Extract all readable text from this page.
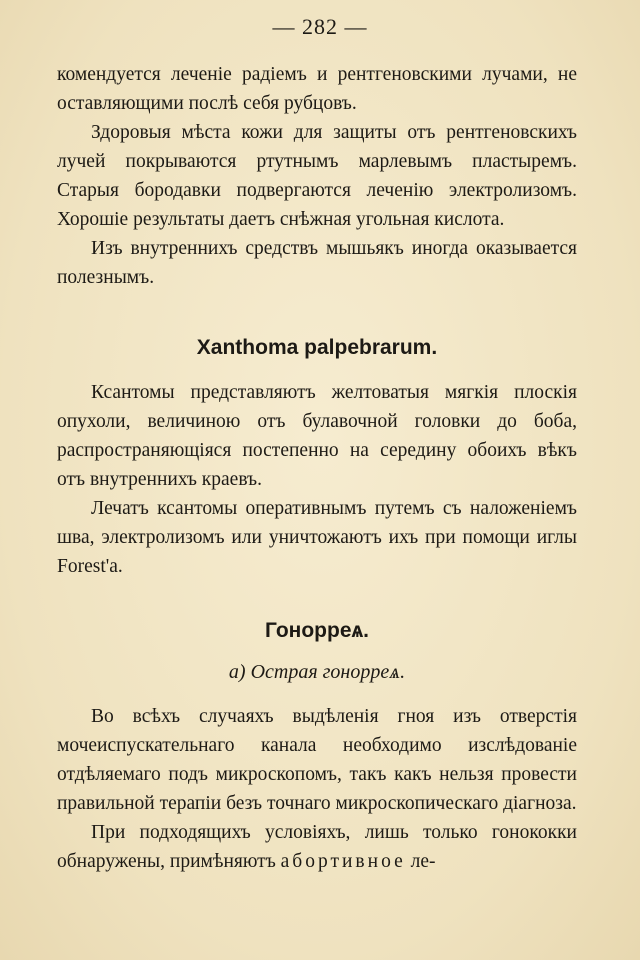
— 282 —

комендуется леченіе радіемъ и рентгеновскими лучами, не оставляющими послѣ себя рубцовъ.

Здоровыя мѣста кожи для защиты отъ рентгеновскихъ лучей покрываются ртутнымъ марлевымъ пластыремъ. Старыя бородавки подвергаются леченію электролизомъ. Хорошіе результаты даетъ снѣжная угольная кислота.

Изъ внутреннихъ средствъ мышьякъ иногда оказывается полезнымъ.

Xanthoma palpebrarum.

Ксантомы представляютъ желтоватыя мягкія плоскія опухоли, величиною отъ булавочной головки до боба, распространяющіяся постепенно на середину обоихъ вѣкъ отъ внутреннихъ краевъ.

Лечатъ ксантомы оперативнымъ путемъ съ наложеніемъ шва, электролизомъ или уничтожаютъ ихъ при помощи иглы Forest'a.

Гонорреѧ.
a) Острая гонорреѧ.

Во всѣхъ случаяхъ выдѣленія гноя изъ отверстія мочеиспускательнаго канала необходимо изслѣдованіе отдѣляемаго подъ микроскопомъ, такъ какъ нельзя провести правильной терапіи безъ точнаго микроскопическаго діагноза.

При подходящихъ условіяхъ, лишь только гонококки обнаружены, примѣняютъ абортивное ле-
